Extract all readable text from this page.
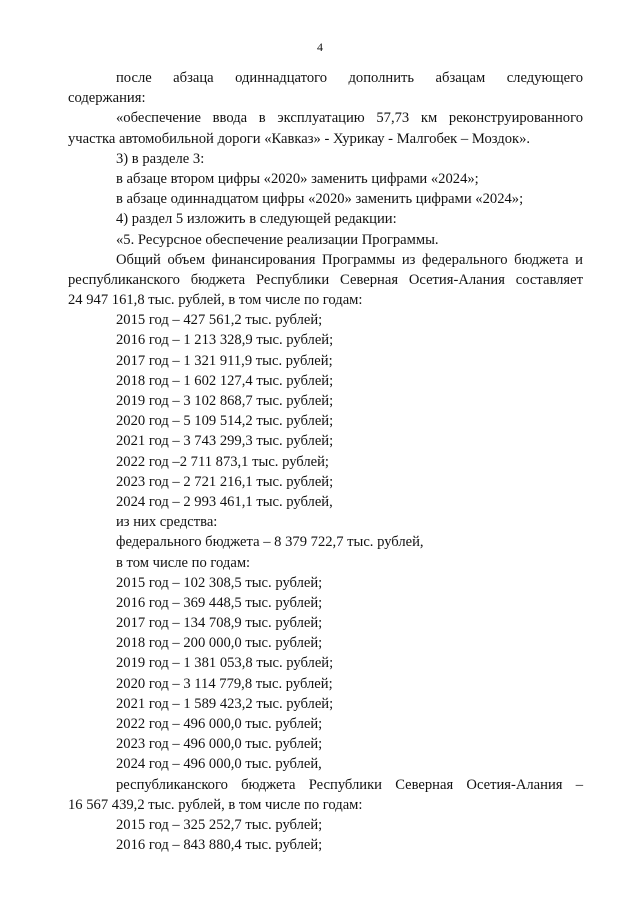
4
после абзаца одиннадцатого дополнить абзацам следующего
содержания:
«обеспечение ввода в эксплуатацию 57,73 км реконструированного
участка автомобильной дороги «Кавказ» - Хурикау - Малгобек – Моздок».
3) в разделе 3:
в абзаце втором цифры «2020» заменить цифрами «2024»;
в абзаце одиннадцатом цифры «2020» заменить цифрами «2024»;
4) раздел 5 изложить в следующей редакции:
«5. Ресурсное обеспечение реализации Программы.
Общий объем финансирования Программы из федерального бюджета и
республиканского бюджета Республики Северная Осетия-Алания составляет
24 947 161,8 тыс. рублей, в том числе по годам:
2015 год – 427 561,2 тыс. рублей;
2016 год – 1 213 328,9 тыс. рублей;
2017 год – 1 321 911,9 тыс. рублей;
2018 год – 1 602 127,4 тыс. рублей;
2019 год – 3 102 868,7 тыс. рублей;
2020 год – 5 109 514,2 тыс. рублей;
2021 год – 3 743 299,3 тыс. рублей;
2022 год –2 711 873,1 тыс. рублей;
2023 год – 2 721 216,1 тыс. рублей;
2024 год – 2 993 461,1 тыс. рублей,
из них средства:
федерального бюджета – 8 379 722,7 тыс. рублей,
в том числе по годам:
2015 год – 102 308,5 тыс. рублей;
2016 год – 369 448,5 тыс. рублей;
2017 год – 134 708,9 тыс. рублей;
2018 год – 200 000,0 тыс. рублей;
2019 год – 1 381 053,8 тыс. рублей;
2020 год – 3 114 779,8 тыс. рублей;
2021 год – 1 589 423,2 тыс. рублей;
2022 год – 496 000,0 тыс. рублей;
2023 год – 496 000,0 тыс. рублей;
2024 год – 496 000,0 тыс. рублей,
республиканского бюджета Республики Северная Осетия-Алания –
16 567 439,2 тыс. рублей, в том числе по годам:
2015 год – 325 252,7 тыс. рублей;
2016 год – 843 880,4 тыс. рублей;
